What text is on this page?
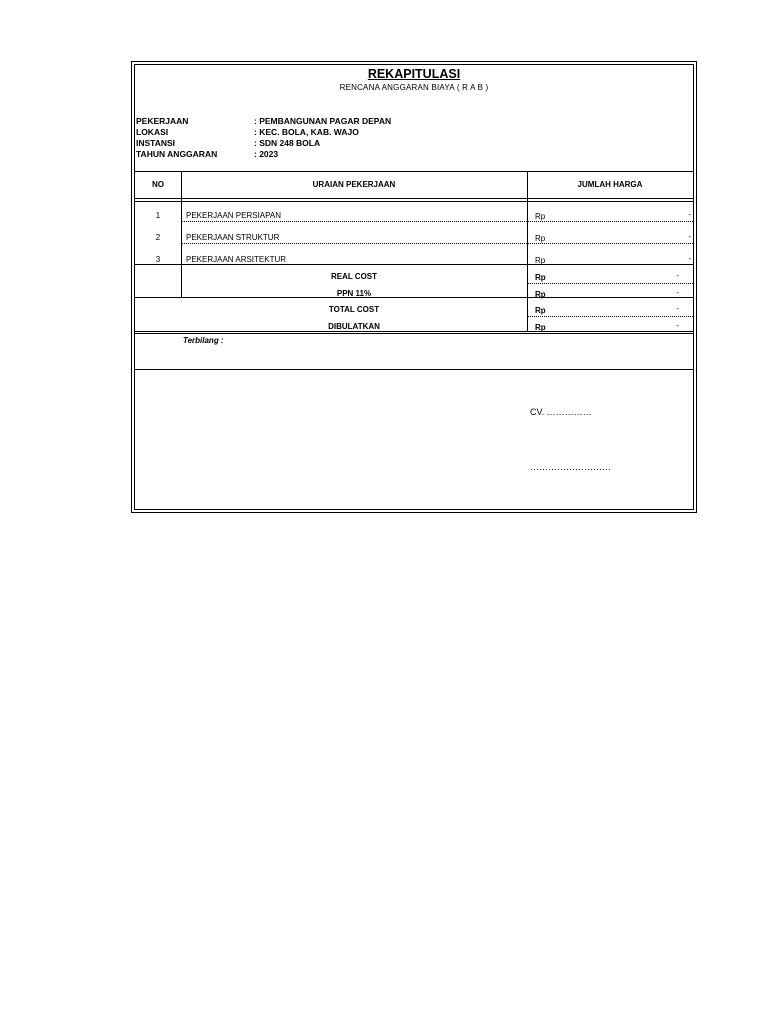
REKAPITULASI
RENCANA ANGGARAN BIAYA ( R A B )
PEKERJAAN	: PEMBANGUNAN PAGAR DEPAN
LOKASI	: KEC. BOLA, KAB. WAJO
INSTANSI	: SDN 248 BOLA
TAHUN ANGGARAN	: 2023
NO	URAIAN PEKERJAAN	JUMLAH HARGA
1	PEKERJAAN PERSIAPAN	Rp	-
2	PEKERJAAN STRUKTUR	Rp	-
3	PEKERJAAN ARSITEKTUR	Rp	-
REAL COST	Rp	-
PPN 11%	Rp	-
TOTAL COST	Rp	-
DIBULATKAN	Rp	-
Terbilang :
CV. ……………
………………………
